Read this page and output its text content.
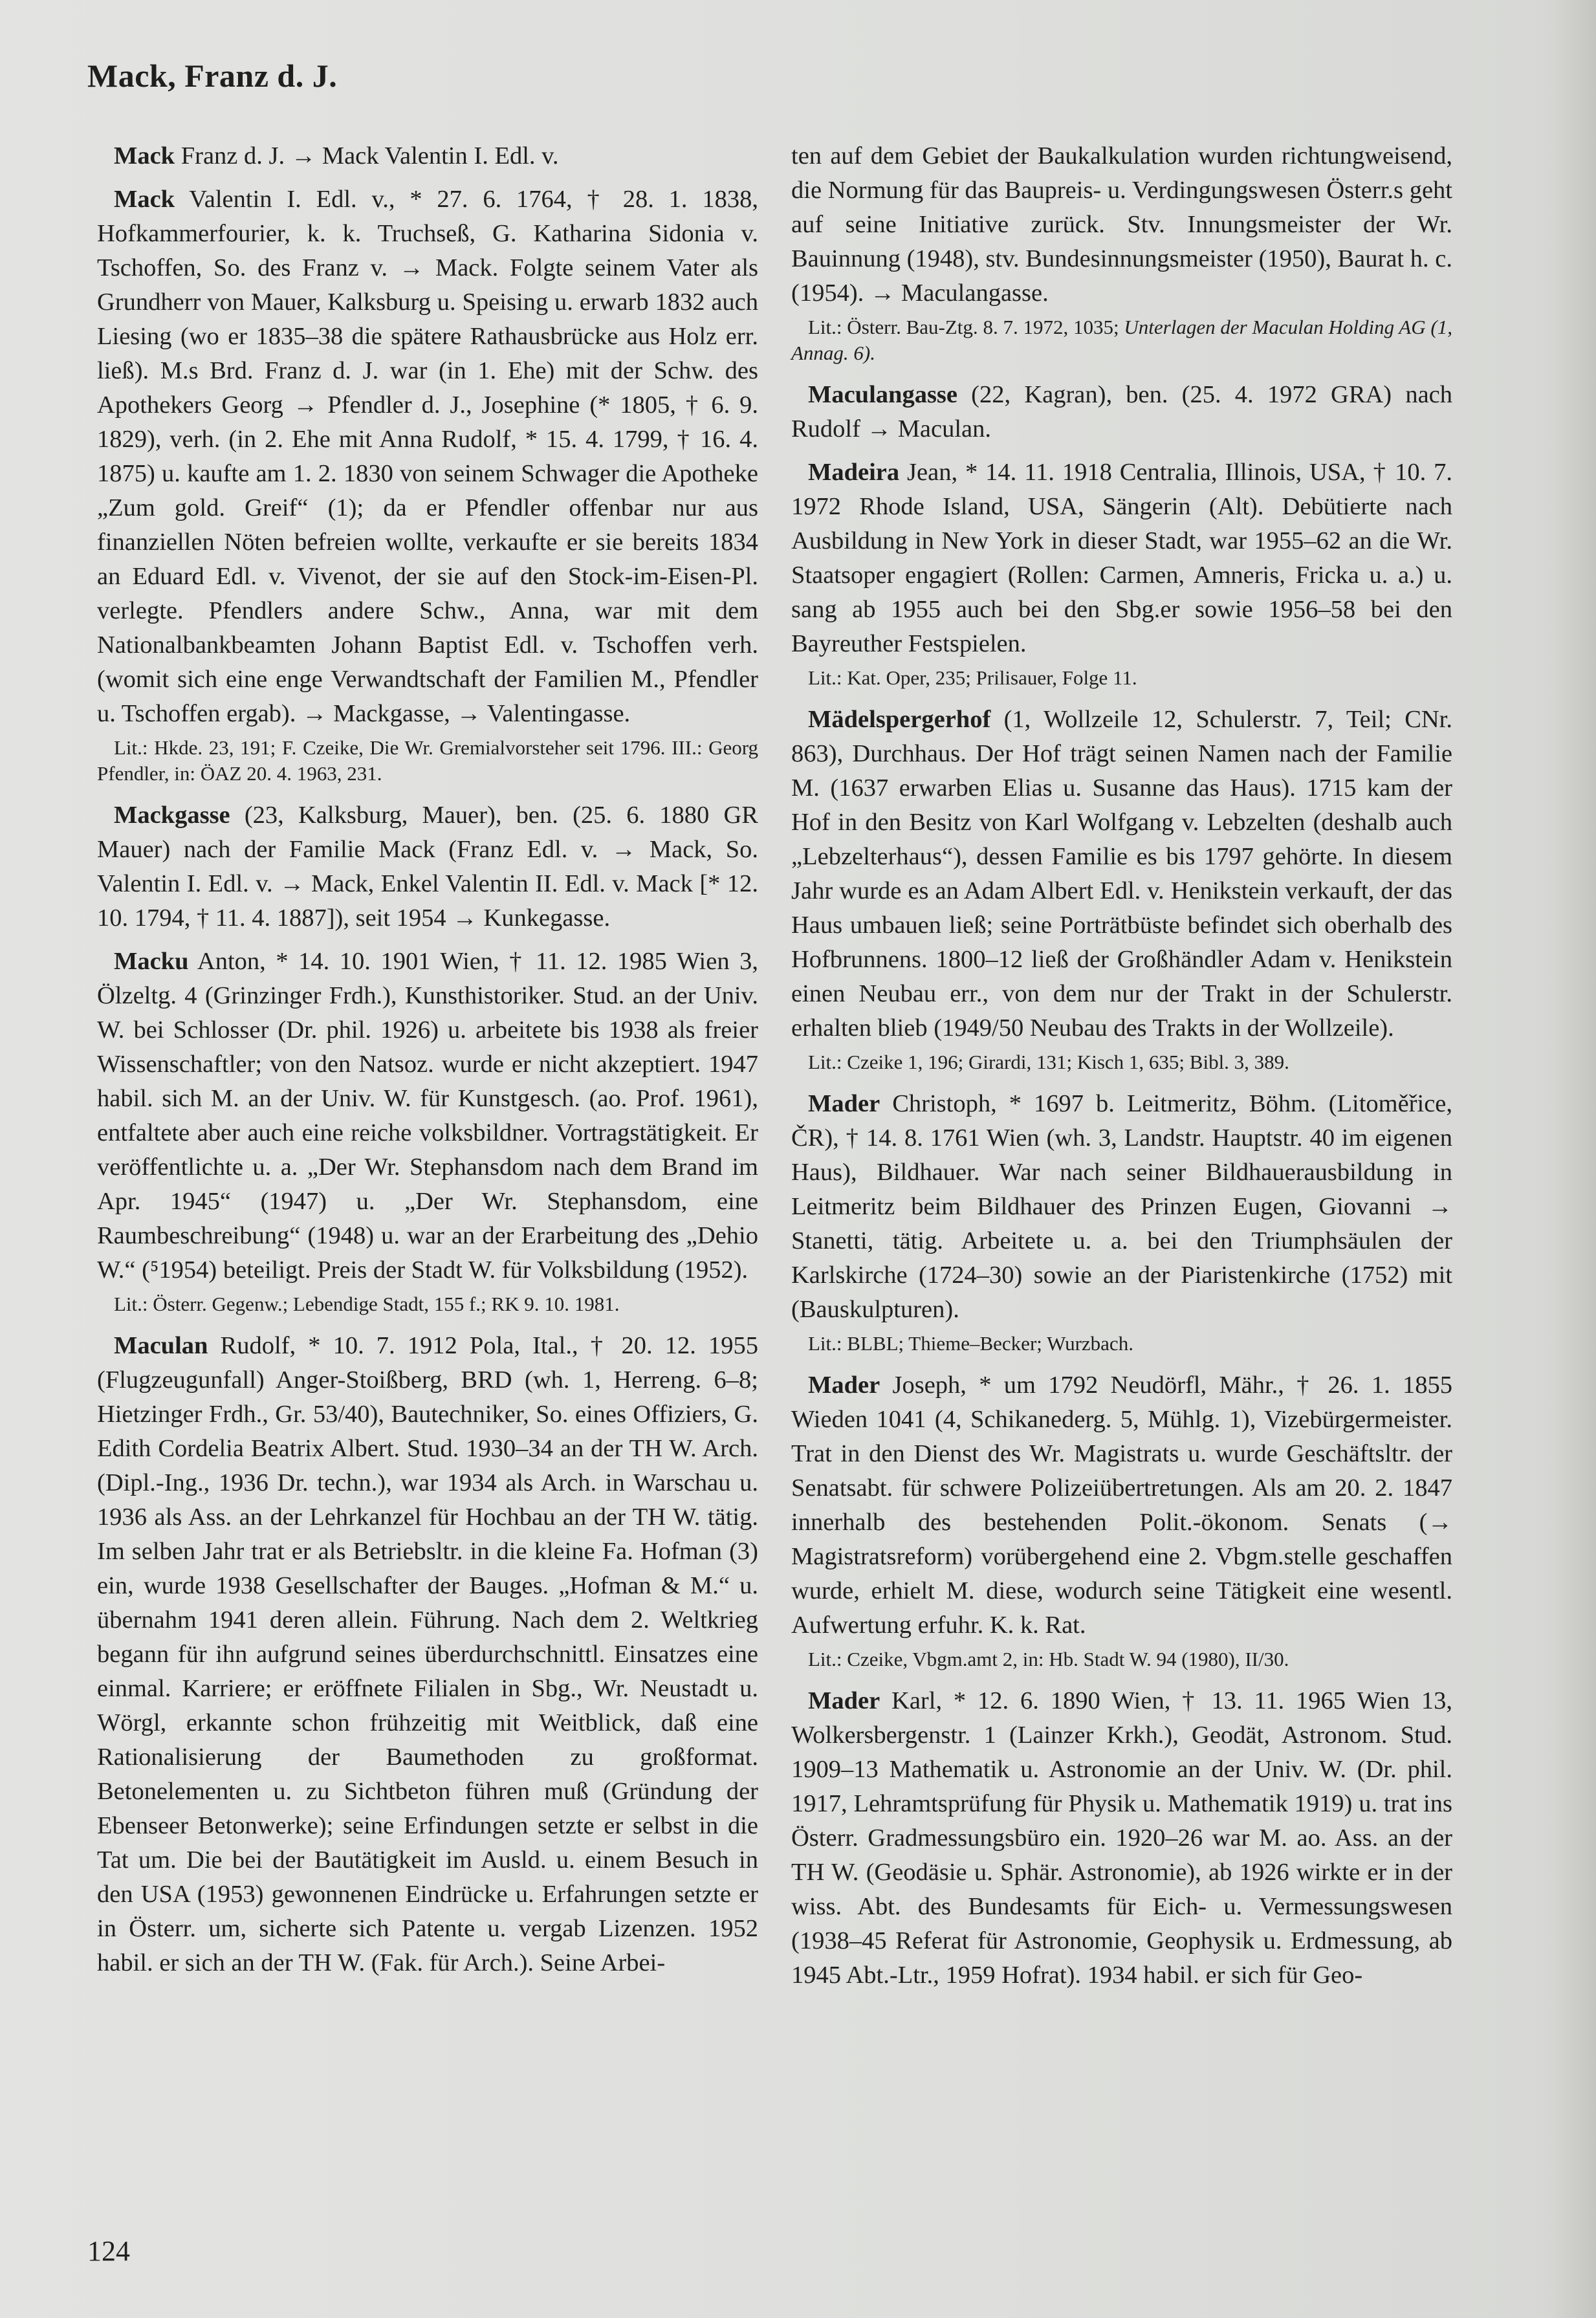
Mack, Franz d. J.

Mack Franz d. J. → Mack Valentin I. Edl. v.

Mack Valentin I. Edl. v., * 27. 6. 1764, † 28. 1. 1838, Hofkammerfourier, k. k. Truchseß, G. Katharina Sidonia v. Tschoffen, So. des Franz v. → Mack. Folgte seinem Vater als Grundherr von Mauer, Kalksburg u. Speising u. erwarb 1832 auch Liesing (wo er 1835–38 die spätere Rathausbrücke aus Holz err. ließ). M.s Brd. Franz d. J. war (in 1. Ehe) mit der Schw. des Apothekers Georg → Pfendler d. J., Josephine (* 1805, † 6. 9. 1829), verh. (in 2. Ehe mit Anna Rudolf, * 15. 4. 1799, † 16. 4. 1875) u. kaufte am 1. 2. 1830 von seinem Schwager die Apotheke „Zum gold. Greif“ (1); da er Pfendler offenbar nur aus finanziellen Nöten befreien wollte, verkaufte er sie bereits 1834 an Eduard Edl. v. Vivenot, der sie auf den Stock-im-Eisen-Pl. verlegte. Pfendlers andere Schw., Anna, war mit dem Nationalbankbeamten Johann Baptist Edl. v. Tschoffen verh. (womit sich eine enge Verwandtschaft der Familien M., Pfendler u. Tschoffen ergab). → Mackgasse, → Valentingasse.

Lit.: Hkde. 23, 191; F. Czeike, Die Wr. Gremialvorsteher seit 1796. III.: Georg Pfendler, in: ÖAZ 20. 4. 1963, 231.

Mackgasse (23, Kalksburg, Mauer), ben. (25. 6. 1880 GR Mauer) nach der Familie Mack (Franz Edl. v. → Mack, So. Valentin I. Edl. v. → Mack, Enkel Valentin II. Edl. v. Mack [* 12. 10. 1794, † 11. 4. 1887]), seit 1954 → Kunkegasse.

Macku Anton, * 14. 10. 1901 Wien, † 11. 12. 1985 Wien 3, Ölzeltg. 4 (Grinzinger Frdh.), Kunsthistoriker. Stud. an der Univ. W. bei Schlosser (Dr. phil. 1926) u. arbeitete bis 1938 als freier Wissenschaftler; von den Natsoz. wurde er nicht akzeptiert. 1947 habil. sich M. an der Univ. W. für Kunstgesch. (ao. Prof. 1961), entfaltete aber auch eine reiche volksbildner. Vortragstätigkeit. Er veröffentlichte u. a. „Der Wr. Stephansdom nach dem Brand im Apr. 1945“ (1947) u. „Der Wr. Stephansdom, eine Raumbeschreibung“ (1948) u. war an der Erarbeitung des „Dehio W.“ (⁵1954) beteiligt. Preis der Stadt W. für Volksbildung (1952).

Lit.: Österr. Gegenw.; Lebendige Stadt, 155 f.; RK 9. 10. 1981.

Maculan Rudolf, * 10. 7. 1912 Pola, Ital., † 20. 12. 1955 (Flugzeugunfall) Anger-Stoißberg, BRD (wh. 1, Herreng. 6–8; Hietzinger Frdh., Gr. 53/40), Bautechniker, So. eines Offiziers, G. Edith Cordelia Beatrix Albert. Stud. 1930–34 an der TH W. Arch. (Dipl.-Ing., 1936 Dr. techn.), war 1934 als Arch. in Warschau u. 1936 als Ass. an der Lehrkanzel für Hochbau an der TH W. tätig. Im selben Jahr trat er als Betriebsltr. in die kleine Fa. Hofman (3) ein, wurde 1938 Gesellschafter der Bauges. „Hofman & M.“ u. übernahm 1941 deren allein. Führung. Nach dem 2. Weltkrieg begann für ihn aufgrund seines überdurchschnittl. Einsatzes eine einmal. Karriere; er eröffnete Filialen in Sbg., Wr. Neustadt u. Wörgl, erkannte schon frühzeitig mit Weitblick, daß eine Rationalisierung der Baumethoden zu großformat. Betonelementen u. zu Sichtbeton führen muß (Gründung der Ebenseer Betonwerke); seine Erfindungen setzte er selbst in die Tat um. Die bei der Bautätigkeit im Ausld. u. einem Besuch in den USA (1953) gewonnenen Eindrücke u. Erfahrungen setzte er in Österr. um, sicherte sich Patente u. vergab Lizenzen. 1952 habil. er sich an der TH W. (Fak. für Arch.). Seine Arbei-

ten auf dem Gebiet der Baukalkulation wurden richtungweisend, die Normung für das Baupreis- u. Verdingungswesen Österr.s geht auf seine Initiative zurück. Stv. Innungsmeister der Wr. Bauinnung (1948), stv. Bundesinnungsmeister (1950), Baurat h. c. (1954). → Maculangasse.

Lit.: Österr. Bau-Ztg. 8. 7. 1972, 1035; Unterlagen der Maculan Holding AG (1, Annag. 6).

Maculangasse (22, Kagran), ben. (25. 4. 1972 GRA) nach Rudolf → Maculan.

Madeira Jean, * 14. 11. 1918 Centralia, Illinois, USA, † 10. 7. 1972 Rhode Island, USA, Sängerin (Alt). Debütierte nach Ausbildung in New York in dieser Stadt, war 1955–62 an die Wr. Staatsoper engagiert (Rollen: Carmen, Amneris, Fricka u. a.) u. sang ab 1955 auch bei den Sbg.er sowie 1956–58 bei den Bayreuther Festspielen.

Lit.: Kat. Oper, 235; Prilisauer, Folge 11.

Mädelspergerhof (1, Wollzeile 12, Schulerstr. 7, Teil; CNr. 863), Durchhaus. Der Hof trägt seinen Namen nach der Familie M. (1637 erwarben Elias u. Susanne das Haus). 1715 kam der Hof in den Besitz von Karl Wolfgang v. Lebzelten (deshalb auch „Lebzelterhaus“), dessen Familie es bis 1797 gehörte. In diesem Jahr wurde es an Adam Albert Edl. v. Henikstein verkauft, der das Haus umbauen ließ; seine Porträtbüste befindet sich oberhalb des Hofbrunnens. 1800–12 ließ der Großhändler Adam v. Henikstein einen Neubau err., von dem nur der Trakt in der Schulerstr. erhalten blieb (1949/50 Neubau des Trakts in der Wollzeile).

Lit.: Czeike 1, 196; Girardi, 131; Kisch 1, 635; Bibl. 3, 389.

Mader Christoph, * 1697 b. Leitmeritz, Böhm. (Litoměřice, ČR), † 14. 8. 1761 Wien (wh. 3, Landstr. Hauptstr. 40 im eigenen Haus), Bildhauer. War nach seiner Bildhauerausbildung in Leitmeritz beim Bildhauer des Prinzen Eugen, Giovanni → Stanetti, tätig. Arbeitete u. a. bei den Triumphsäulen der Karlskirche (1724–30) sowie an der Piaristenkirche (1752) mit (Bauskulpturen).

Lit.: BLBL; Thieme–Becker; Wurzbach.

Mader Joseph, * um 1792 Neudörfl, Mähr., † 26. 1. 1855 Wieden 1041 (4, Schikanederg. 5, Mühlg. 1), Vizebürgermeister. Trat in den Dienst des Wr. Magistrats u. wurde Geschäftsltr. der Senatsabt. für schwere Polizeiübertretungen. Als am 20. 2. 1847 innerhalb des bestehenden Polit.-ökonom. Senats (→ Magistratsreform) vorübergehend eine 2. Vbgm.stelle geschaffen wurde, erhielt M. diese, wodurch seine Tätigkeit eine wesentl. Aufwertung erfuhr. K. k. Rat.

Lit.: Czeike, Vbgm.amt 2, in: Hb. Stadt W. 94 (1980), II/30.

Mader Karl, * 12. 6. 1890 Wien, † 13. 11. 1965 Wien 13, Wolkersbergenstr. 1 (Lainzer Krkh.), Geodät, Astronom. Stud. 1909–13 Mathematik u. Astronomie an der Univ. W. (Dr. phil. 1917, Lehramtsprüfung für Physik u. Mathematik 1919) u. trat ins Österr. Gradmessungsbüro ein. 1920–26 war M. ao. Ass. an der TH W. (Geodäsie u. Sphär. Astronomie), ab 1926 wirkte er in der wiss. Abt. des Bundesamts für Eich- u. Vermessungswesen (1938–45 Referat für Astronomie, Geophysik u. Erdmessung, ab 1945 Abt.-Ltr., 1959 Hofrat). 1934 habil. er sich für Geo-

124
